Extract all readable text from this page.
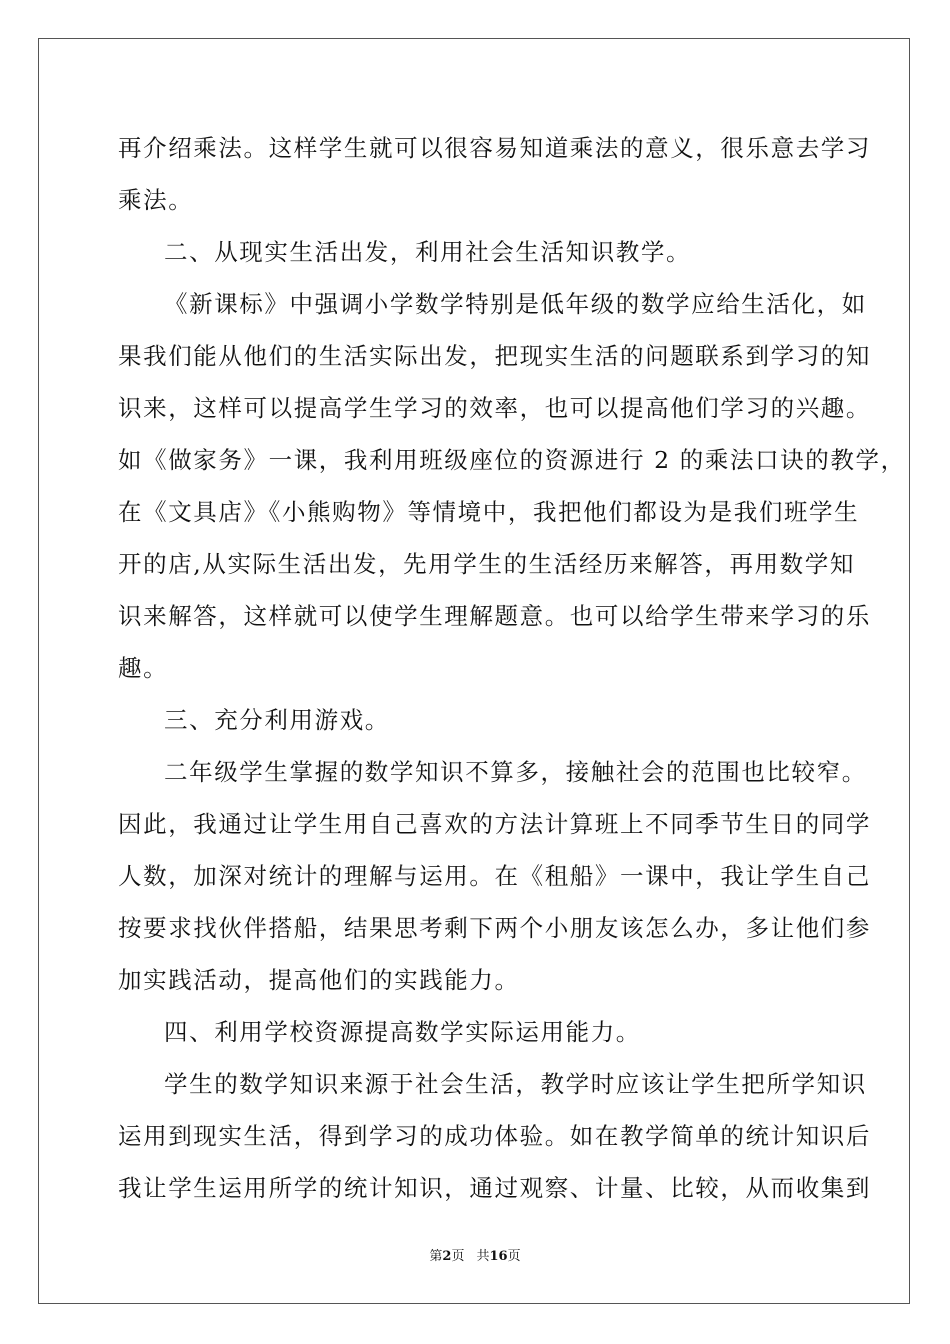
再介绍乘法。这样学生就可以很容易知道乘法的意义，很乐意去学习
乘法。
二、从现实生活出发，利用社会生活知识教学。
《新课标》中强调小学数学特别是低年级的数学应给生活化，如
果我们能从他们的生活实际出发，把现实生活的问题联系到学习的知
识来，这样可以提高学生学习的效率，也可以提高他们学习的兴趣。
如《做家务》一课，我利用班级座位的资源进行 2 的乘法口诀的教学，
在《文具店》《小熊购物》等情境中，我把他们都设为是我们班学生
开的店,从实际生活出发，先用学生的生活经历来解答，再用数学知
识来解答，这样就可以使学生理解题意。也可以给学生带来学习的乐
趣。
三、充分利用游戏。
二年级学生掌握的数学知识不算多，接触社会的范围也比较窄。
因此，我通过让学生用自己喜欢的方法计算班上不同季节生日的同学
人数，加深对统计的理解与运用。在《租船》一课中，我让学生自己
按要求找伙伴搭船，结果思考剩下两个小朋友该怎么办，多让他们参
加实践活动，提高他们的实践能力。
四、利用学校资源提高数学实际运用能力。
学生的数学知识来源于社会生活，教学时应该让学生把所学知识
运用到现实生活，得到学习的成功体验。如在教学简单的统计知识后
我让学生运用所学的统计知识，通过观察、计量、比较，从而收集到
第2页 共16页
